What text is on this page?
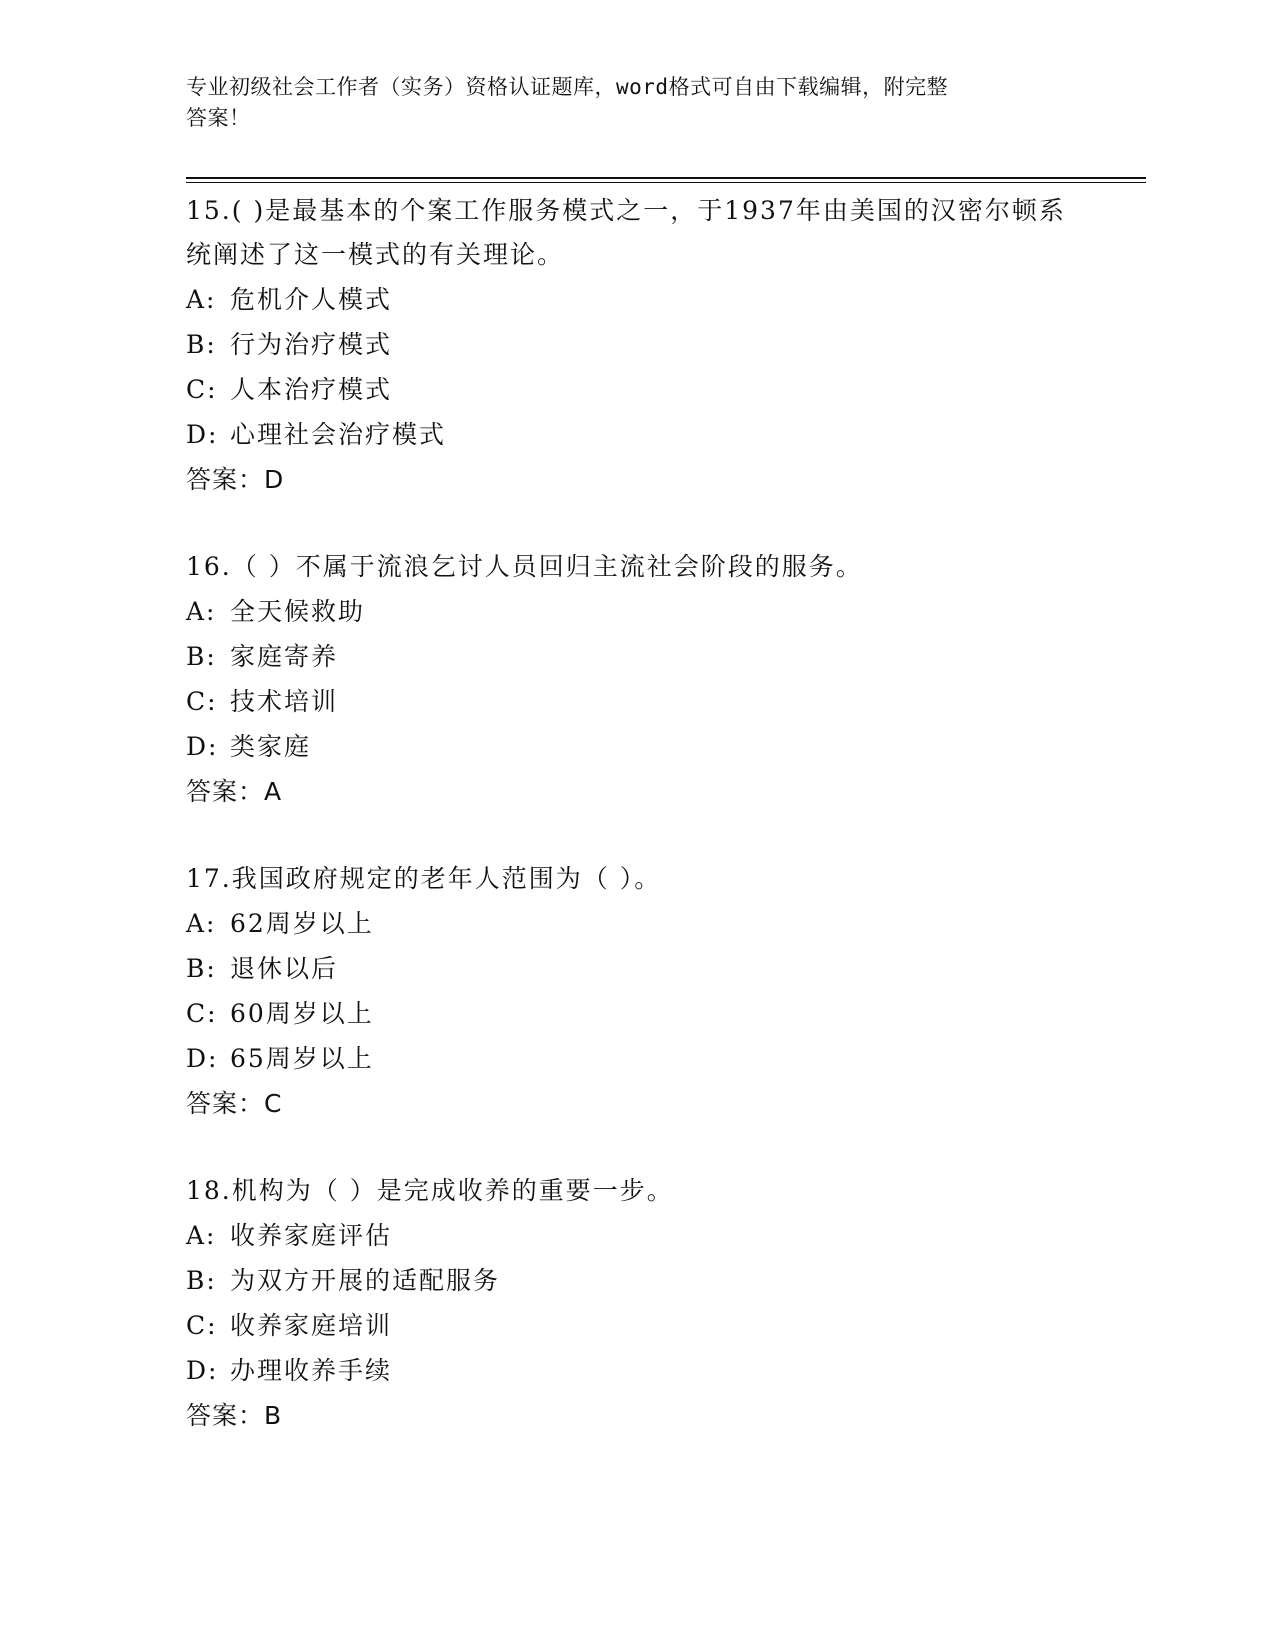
专业初级社会工作者（实务）资格认证题库，word格式可自由下载编辑，附完整
答案！

15.( )是最基本的个案工作服务模式之一，于1937年由美国的汉密尔顿系统阐述了这一模式的有关理论。

A: 危机介人模式

B: 行为治疗模式

C: 人本治疗模式

D: 心理社会治疗模式

答案：D

16.（ ）不属于流浪乞讨人员回归主流社会阶段的服务。

A: 全天候救助

B: 家庭寄养

C: 技术培训

D: 类家庭

答案：A

17.我国政府规定的老年人范围为（ ）。

A: 62周岁以上

B: 退休以后

C: 60周岁以上

D: 65周岁以上

答案：C

18.机构为（ ）是完成收养的重要一步。

A: 收养家庭评估

B: 为双方开展的适配服务

C: 收养家庭培训

D: 办理收养手续

答案：B
